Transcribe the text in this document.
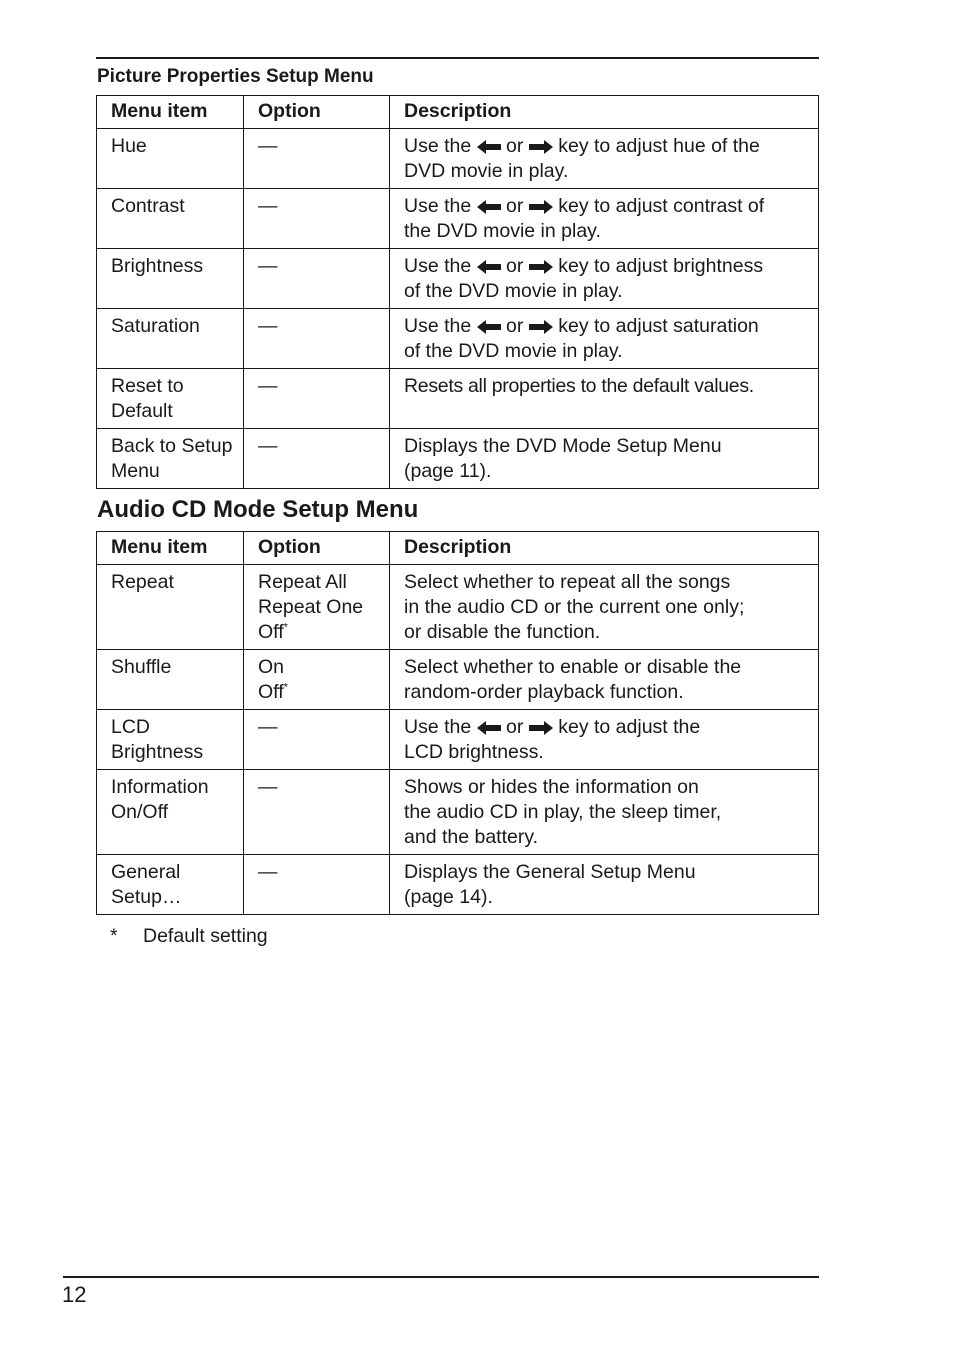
Picture Properties Setup Menu
Menu item	Option	Description

Hue	—	Use the or key to adjust hue of the
DVD movie in play.

Contrast	—	Use the or key to adjust contrast of
the DVD movie in play.

Brightness	—	Use the or key to adjust brightness
of the DVD movie in play.

Saturation	—	Use the or key to adjust saturation
of the DVD movie in play.

Reset to
Default	—	Resets all properties to the default values.

Back to Setup
Menu	—	Displays the DVD Mode Setup Menu
(page 11).
Audio CD Mode Setup Menu
Menu item	Option	Description

Repeat	Repeat All
Repeat One
Off*	Select whether to repeat all the songs
in the audio CD or the current one only;
or disable the function.

Shuffle	On
Off*	Select whether to enable or disable the
random-order playback function.

LCD
Brightness	—	Use the or key to adjust the
LCD brightness.

Information
On/Off	—	Shows or hides the information on
the audio CD in play, the sleep timer,
and the battery.

General
Setup…	—	Displays the General Setup Menu
(page 14).
* Default setting
12
